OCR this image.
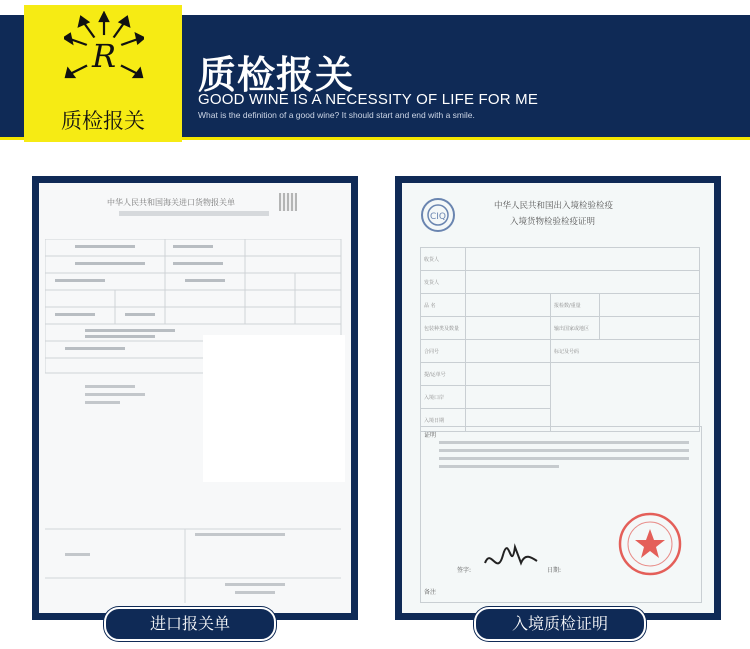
R
质检报关
质检报关
GOOD WINE IS A NECESSITY OF LIFE FOR ME
What is the definition of a good wine? It should start and end with a smile.
中华人民共和国海关进口货物报关单
CIQ
中华人民共和国出入境检验检疫
入境货物检验检疫证明
收货人			
发货人			
品 名		报检数/重量	
包装种类及数量		输出国家或地区	
合同号		标记及号码	
提/运单号			
入境口岸			
入境日期			
证明
签字:	日期:
备注
进口报关单	入境质检证明
